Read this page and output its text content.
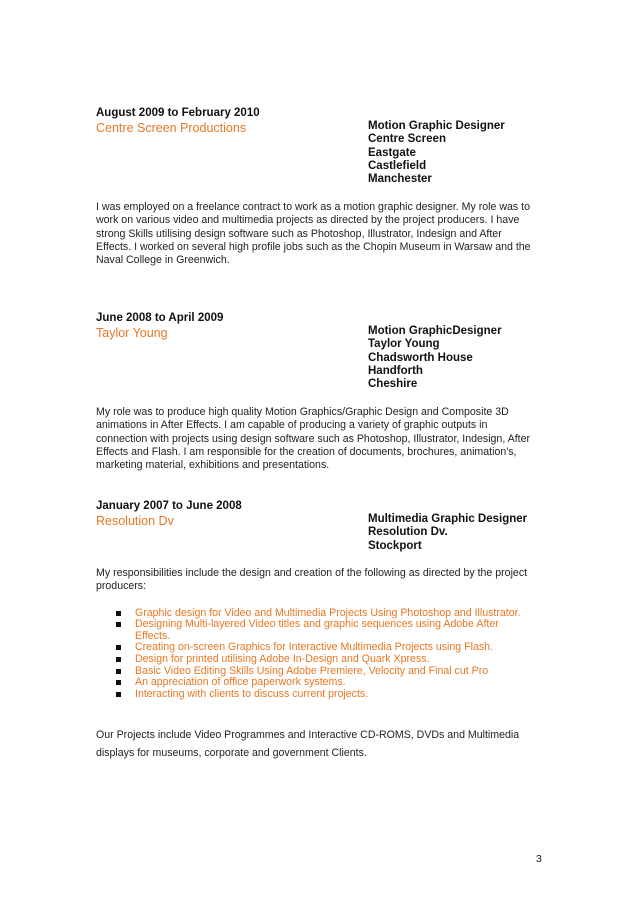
August 2009 to February 2010
Centre Screen Productions	Motion Graphic Designer
Centre Screen
Eastgate
Castlefield
Manchester
I was employed on a freelance contract to work as a motion graphic designer. My role was to
work on various video and multimedia projects as directed by the project producers. I have
strong Skills utilising design software such as Photoshop, Illustrator, Indesign and After
Effects. I worked on several high profile jobs such as the Chopin Museum in Warsaw and the
Naval College in Greenwich.
June 2008 to April 2009
Taylor Young	Motion GraphicDesigner
Taylor Young
Chadsworth House
Handforth
Cheshire
My role was to produce high quality Motion Graphics/Graphic Design and Composite 3D
animations in After Effects. I am capable of producing a variety of graphic outputs in
connection with projects using design software such as Photoshop, Illustrator, Indesign, After
Effects and Flash. I am responsible for the creation of documents, brochures, animation's,
marketing material, exhibitions and presentations.
January 2007 to June 2008
Resolution Dv	Multimedia Graphic Designer
Resolution Dv.
Stockport
My responsibilities include the design and creation of the following as directed by the project
producers:
Graphic design for Video and Multimedia Projects Using Photoshop and Illustrator.
Designing Multi-layered Video titles and graphic sequences using Adobe After
Effects.
Creating on-screen Graphics for Interactive Multimedia Projects using Flash.
Design for printed utilising Adobe In-Design and Quark Xpress.
Basic Video Editing Skills Using Adobe Premiere, Velocity and Final cut Pro
An appreciation of office paperwork systems.
Interacting with clients to discuss current projects.
Our Projects include Video Programmes and Interactive CD-ROMS, DVDs and Multimedia
displays for museums, corporate and government Clients.
3
